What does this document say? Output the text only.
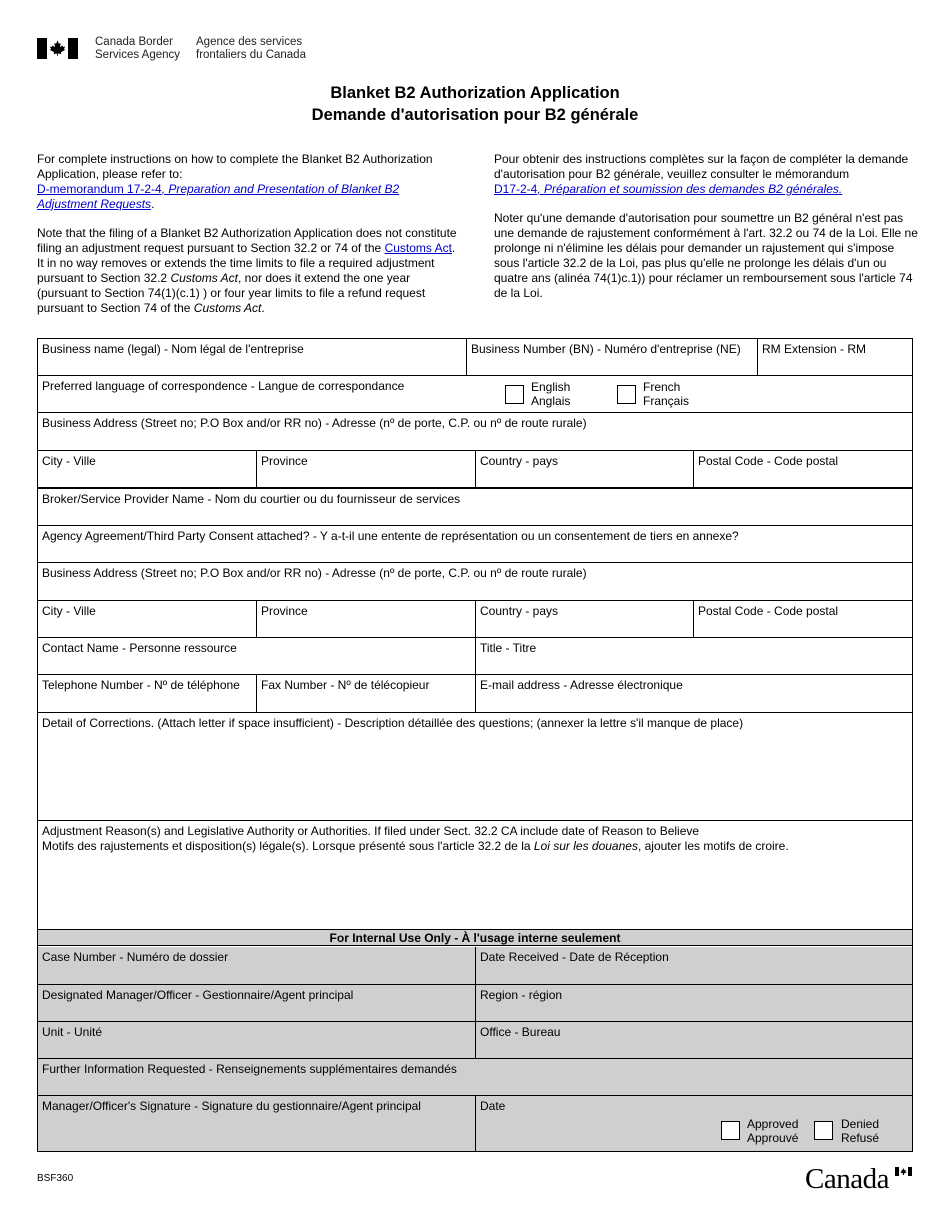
Canada Border
Services Agency
Agence des services
frontaliers du Canada
Blanket B2 Authorization Application
Demande d'autorisation pour B2 générale

For complete instructions on how to complete the Blanket B2 Authorization Application, please refer to:
D-memorandum 17-2-4, Preparation and Presentation of Blanket B2 Adjustment Requests.

Note that the filing of a Blanket B2 Authorization Application does not constitute filing an adjustment request pursuant to Section 32.2 or 74 of the Customs Act. It in no way removes or extends the time limits to file a required adjustment pursuant to Section 32.2 Customs Act, nor does it extend the one year (pursuant to Section 74(1)(c.1) ) or four year limits to file a refund request pursuant to Section 74 of the Customs Act.

Pour obtenir des instructions complètes sur la façon de compléter la demande d'autorisation pour B2 générale, veuillez consulter le mémorandum
D17-2-4, Préparation et soumission des demandes B2 générales.

Noter qu'une demande d'autorisation pour soumettre un B2 général n'est pas une demande de rajustement conformément à l'art. 32.2 ou 74 de la Loi. Elle ne prolonge ni n'élimine les délais pour demander un rajustement qui s'impose sous l'article 32.2 de la Loi, pas plus qu'elle ne prolonge les délais d'un ou quatre ans (alinéa 74(1)c.1)) pour réclamer un remboursement sous l'article 74 de la Loi.

Business name (legal) - Nom légal de l'entreprise	Business Number (BN) - Numéro d'entreprise (NE)	RM Extension - RM
Preferred language of correspondence - Langue de correspondance	English
Anglais
French
Français
Business Address (Street no; P.O Box and/or RR no) - Adresse (nº de porte, C.P. ou nº de route rurale)
City - Ville	Province	Country - pays	Postal Code - Code postal
Broker/Service Provider Name - Nom du courtier ou du fournisseur de services
Agency Agreement/Third Party Consent attached? - Y a-t-il une entente de représentation ou un consentement de tiers en annexe?
Business Address (Street no; P.O Box and/or RR no) - Adresse (nº de porte, C.P. ou nº de route rurale)
City - Ville	Province	Country - pays	Postal Code - Code postal
Contact Name - Personne ressource	Title - Titre
Telephone Number - Nº de téléphone	Fax Number - Nº de télécopieur	E-mail address - Adresse électronique
Detail of Corrections. (Attach letter if space insufficient) - Description détaillée des questions; (annexer la lettre s'il manque de place)
Adjustment Reason(s) and Legislative Authority or Authorities. If filed under Sect. 32.2 CA include date of Reason to Believe
Motifs des rajustements et disposition(s) légale(s). Lorsque présenté sous l'article 32.2 de la Loi sur les douanes, ajouter les motifs de croire.
For Internal Use Only - À l'usage interne seulement
Case Number - Numéro de dossier	Date Received - Date de Réception
Designated Manager/Officer - Gestionnaire/Agent principal	Region - région
Unit - Unité	Office - Bureau
Further Information Requested - Renseignements supplémentaires demandés
Manager/Officer's Signature - Signature du gestionnaire/Agent principal	Date
Approved
Approuvé
Denied
Refusé
BSF360	Canada
